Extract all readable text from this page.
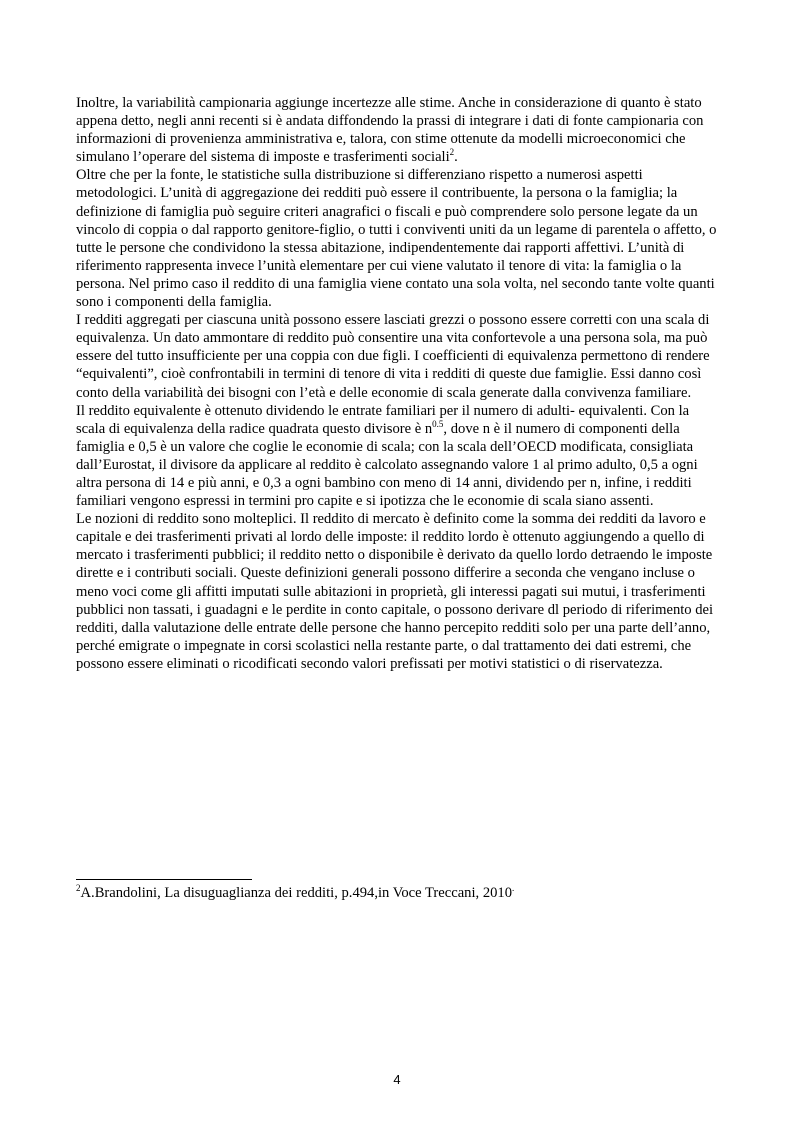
Inoltre, la variabilità campionaria aggiunge incertezze alle stime. Anche in considerazione di quanto è stato appena detto, negli anni recenti si è andata diffondendo la prassi di integrare i dati di fonte campionaria con informazioni di provenienza amministrativa e, talora, con stime ottenute da modelli microeconomici che simulano l’operare del sistema di imposte e trasferimenti sociali$^2$.

Oltre che per la fonte, le statistiche sulla distribuzione si differenziano rispetto a numerosi aspetti metodologici. L’unità di aggregazione dei redditi può essere il contribuente, la persona o la famiglia; la definizione di famiglia può seguire criteri anagrafici o fiscali e può comprendere solo persone legate da un vincolo di coppia o dal rapporto genitore-figlio, o tutti i conviventi uniti da un legame di parentela o affetto, o tutte le persone che condividono la stessa abitazione, indipendentemente dai rapporti affettivi. L’unità di riferimento rappresenta invece l’unità elementare per cui viene valutato il tenore di vita: la famiglia o la persona. Nel primo caso il reddito di una famiglia viene contato una sola volta, nel secondo tante volte quanti sono i componenti della famiglia.

I redditi aggregati per ciascuna unità possono essere lasciati grezzi o possono essere corretti con una scala di equivalenza. Un dato ammontare di reddito può consentire una vita confortevole a una persona sola, ma può essere del tutto insufficiente per una coppia con due figli. I coefficienti di equivalenza permettono di rendere “equivalenti”, cioè confrontabili in termini di tenore di vita i redditi di queste due famiglie. Essi danno così conto della variabilità dei bisogni con l’età e delle economie di scala generate dalla convivenza familiare.

Il reddito equivalente è ottenuto dividendo le entrate familiari per il numero di adulti- equivalenti. Con la scala di equivalenza della radice quadrata questo divisore è $n^{0.5}$, dove n è il numero di componenti della famiglia e 0,5 è un valore che coglie le economie di scala; con la scala dell’OECD modificata, consigliata dall’Eurostat, il divisore da applicare al reddito è calcolato assegnando valore 1 al primo adulto, 0,5 a ogni altra persona di 14 e più anni, e 0,3 a ogni bambino con meno di 14 anni, dividendo per n, infine, i redditi familiari vengono espressi in termini pro capite e si ipotizza che le economie di scala siano assenti.

Le nozioni di reddito sono molteplici. Il reddito di mercato è definito come la somma dei redditi da lavoro e capitale e dei trasferimenti privati al lordo delle imposte: il reddito lordo è ottenuto aggiungendo a quello di mercato i trasferimenti pubblici; il reddito netto o disponibile è derivato da quello lordo detraendo le imposte dirette e i contributi sociali. Queste definizioni generali possono differire a seconda che vengano incluse o meno voci come gli affitti imputati sulle abitazioni in proprietà, gli interessi pagati sui mutui, i trasferimenti pubblici non tassati, i guadagni e le perdite in conto capitale, o possono derivare dl periodo di riferimento dei redditi, dalla valutazione delle entrate delle persone che hanno percepito redditi solo per una parte dell’anno, perché emigrate o impegnate in corsi scolastici nella restante parte, o dal trattamento dei dati estremi, che possono essere eliminati o ricodificati secondo valori prefissati per motivi statistici o di riservatezza.

$^2$A.Brandolini, La disuguaglianza dei redditi, p.494,in Voce Treccani, 2010.
4
